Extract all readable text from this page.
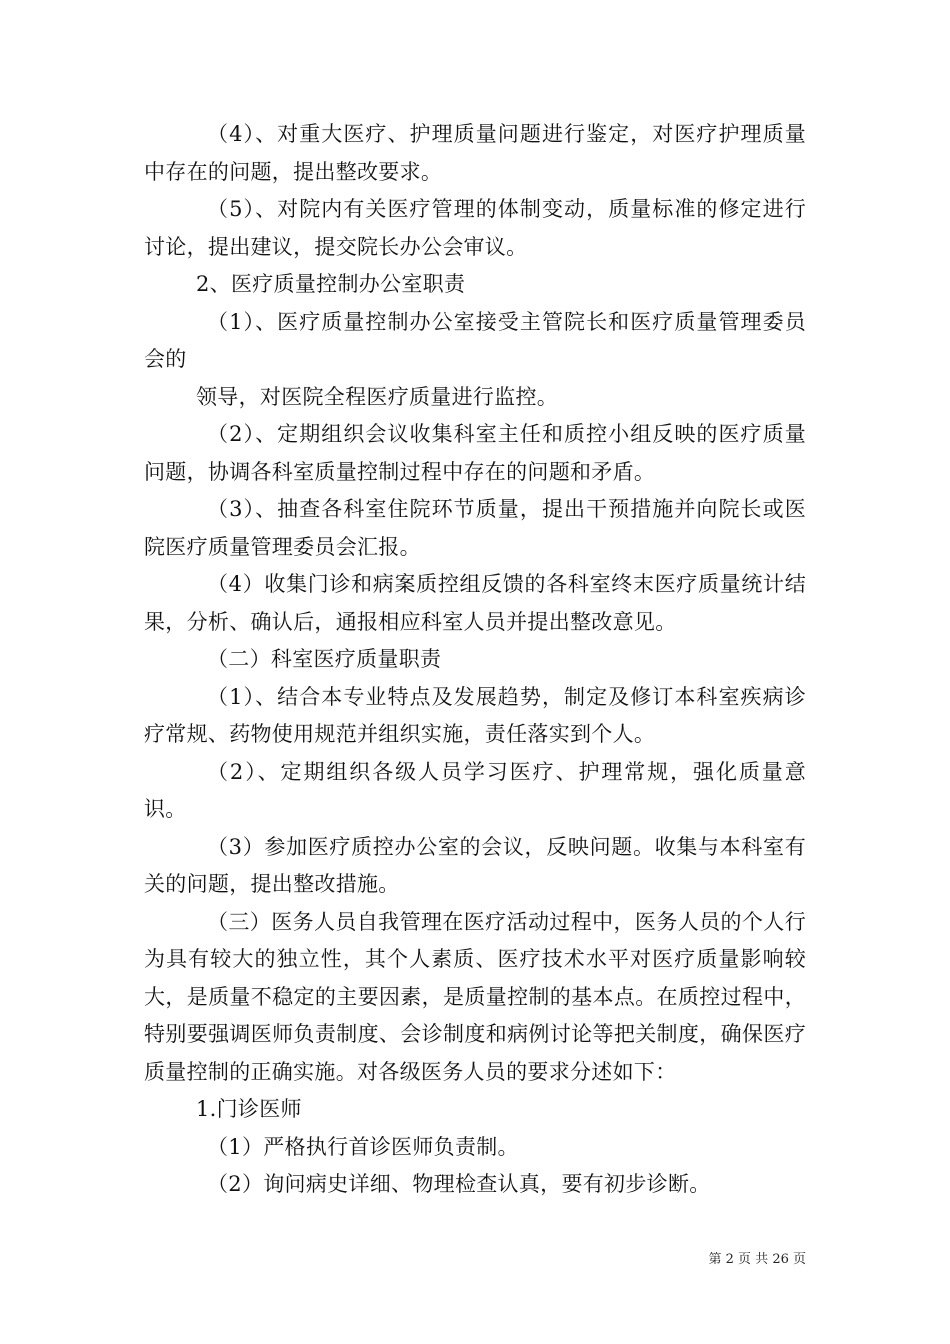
（4）、对重大医疗、护理质量问题进行鉴定，对医疗护理质量中存在的问题，提出整改要求。

（5）、对院内有关医疗管理的体制变动，质量标准的修定进行讨论，提出建议，提交院长办公会审议。

2、医疗质量控制办公室职责

（1）、医疗质量控制办公室接受主管院长和医疗质量管理委员会的

领导，对医院全程医疗质量进行监控。

（2）、定期组织会议收集科室主任和质控小组反映的医疗质量问题，协调各科室质量控制过程中存在的问题和矛盾。

（3）、抽查各科室住院环节质量，提出干预措施并向院长或医院医疗质量管理委员会汇报。

（4）收集门诊和病案质控组反馈的各科室终末医疗质量统计结果，分析、确认后，通报相应科室人员并提出整改意见。

（二）科室医疗质量职责

（1）、结合本专业特点及发展趋势，制定及修订本科室疾病诊疗常规、药物使用规范并组织实施，责任落实到个人。

（2）、定期组织各级人员学习医疗、护理常规，强化质量意识。

（3）参加医疗质控办公室的会议，反映问题。收集与本科室有关的问题，提出整改措施。

（三）医务人员自我管理在医疗活动过程中，医务人员的个人行为具有较大的独立性，其个人素质、医疗技术水平对医疗质量影响较大，是质量不稳定的主要因素，是质量控制的基本点。在质控过程中，特别要强调医师负责制度、会诊制度和病例讨论等把关制度，确保医疗质量控制的正确实施。对各级医务人员的要求分述如下：

1.门诊医师

（1）严格执行首诊医师负责制。

（2）询问病史详细、物理检查认真，要有初步诊断。

第 2 页 共 26 页
